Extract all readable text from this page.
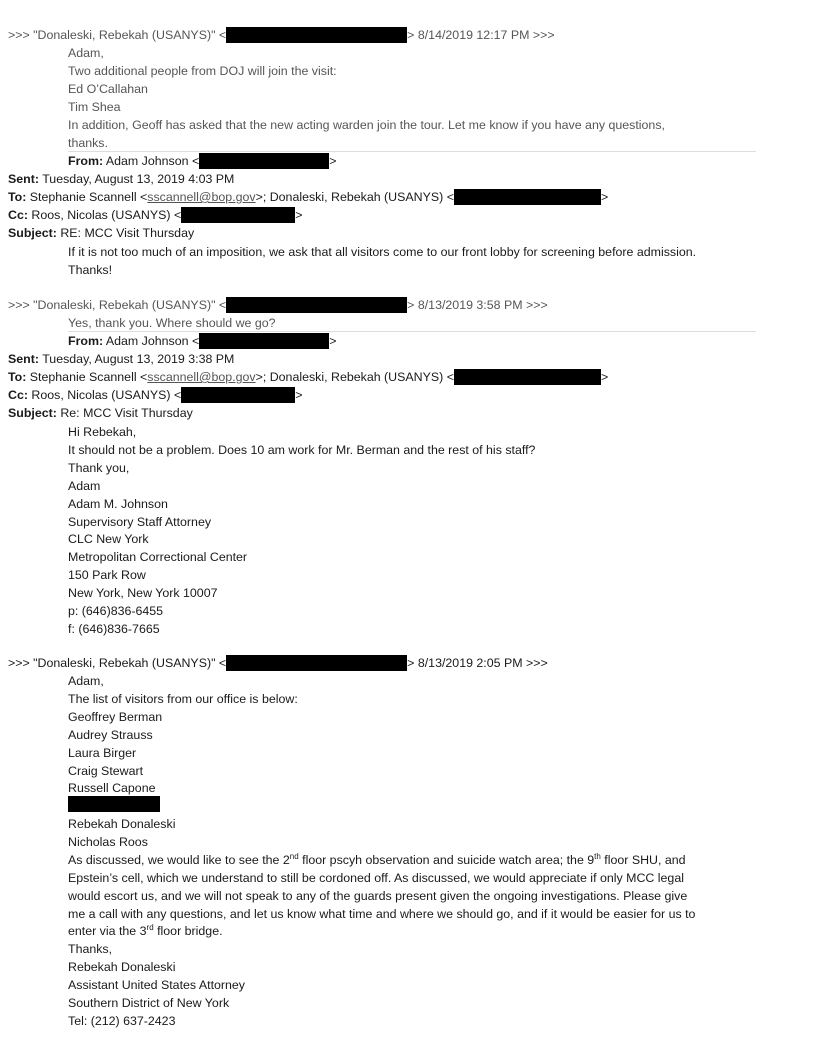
>>> "Donaleski, Rebekah (USANYS)" <	> 8/14/2019 12:17 PM >>>
Adam,
Two additional people from DOJ will join the visit:
Ed O’Callahan
Tim Shea
In addition, Geoff has asked that the new acting warden join the tour. Let me know if you have any questions,
thanks.
From: Adam Johnson <	>
Sent: Tuesday, August 13, 2019 4:03 PM
To: Stephanie Scannell <sscannell@bop.gov>; Donaleski, Rebekah (USANYS) <	>
Cc: Roos, Nicolas (USANYS) <	>
Subject: RE: MCC Visit Thursday
If it is not too much of an imposition, we ask that all visitors come to our front lobby for screening before admission.
Thanks!
>>> "Donaleski, Rebekah (USANYS)" <	> 8/13/2019 3:58 PM >>>
Yes, thank you. Where should we go?
From: Adam Johnson <	>
Sent: Tuesday, August 13, 2019 3:38 PM
To: Stephanie Scannell <sscannell@bop.gov>; Donaleski, Rebekah (USANYS) <	>
Cc: Roos, Nicolas (USANYS) <	>
Subject: Re: MCC Visit Thursday
Hi Rebekah,
It should not be a problem. Does 10 am work for Mr. Berman and the rest of his staff?
Thank you,
Adam
Adam M. Johnson
Supervisory Staff Attorney
CLC New York
Metropolitan Correctional Center
150 Park Row
New York, New York 10007
p: (646)836-6455
f: (646)836-7665
>>> "Donaleski, Rebekah (USANYS)" <	> 8/13/2019 2:05 PM >>>
Adam,
The list of visitors from our office is below:
Geoffrey Berman
Audrey Strauss
Laura Birger
Craig Stewart
Russell Capone
Rebekah Donaleski
Nicholas Roos
As discussed, we would like to see the 2nd floor pscyh observation and suicide watch area; the 9th floor SHU, and
Epstein’s cell, which we understand to still be cordoned off. As discussed, we would appreciate if only MCC legal
would escort us, and we will not speak to any of the guards present given the ongoing investigations. Please give
me a call with any questions, and let us know what time and where we should go, and if it would be easier for us to
enter via the 3rd floor bridge.
Thanks,
Rebekah Donaleski
Assistant United States Attorney
Southern District of New York
Tel: (212) 637-2423
